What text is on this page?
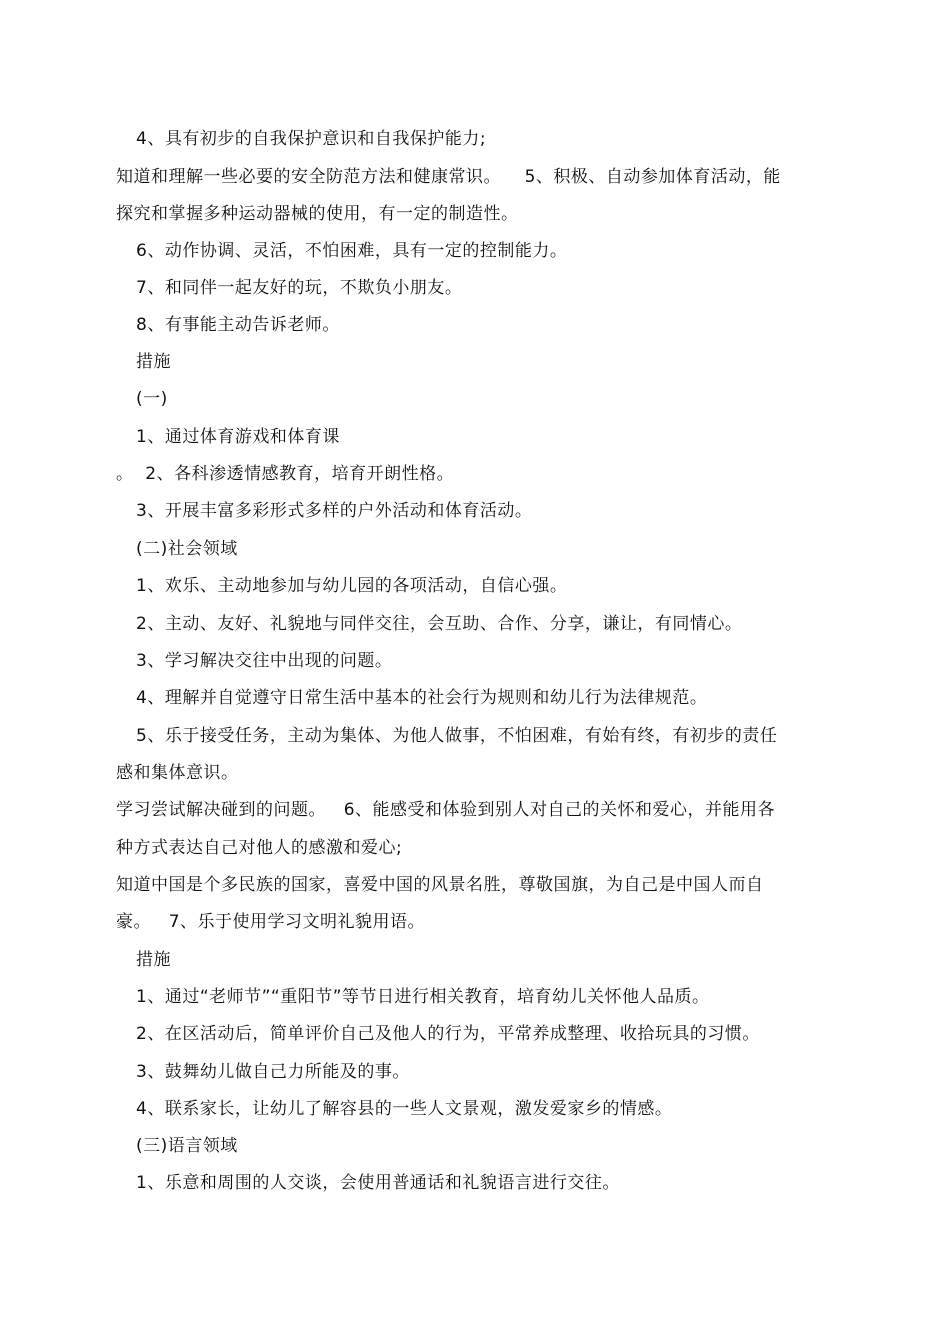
4、具有初步的自我保护意识和自我保护能力;
知道和理解一些必要的安全防范方法和健康常识。    5、积极、自动参加体育活动，能
探究和掌握多种运动器械的使用，有一定的制造性。
6、动作协调、灵活，不怕困难，具有一定的控制能力。
7、和同伴一起友好的玩，不欺负小朋友。
8、有事能主动告诉老师。
措施
(一)
1、通过体育游戏和体育课
。  2、各科渗透情感教育，培育开朗性格。
3、开展丰富多彩形式多样的户外活动和体育活动。
(二)社会领域
1、欢乐、主动地参加与幼儿园的各项活动，自信心强。
2、主动、友好、礼貌地与同伴交往，会互助、合作、分享，谦让，有同情心。
3、学习解决交往中出现的问题。
4、理解并自觉遵守日常生活中基本的社会行为规则和幼儿行为法律规范。
5、乐于接受任务，主动为集体、为他人做事，不怕困难，有始有终，有初步的责任
感和集体意识。
学习尝试解决碰到的问题。   6、能感受和体验到别人对自己的关怀和爱心，并能用各
种方式表达自己对他人的感激和爱心;
知道中国是个多民族的国家，喜爱中国的风景名胜，尊敬国旗，为自己是中国人而自
豪。   7、乐于使用学习文明礼貌用语。
措施
1、通过“老师节”“重阳节”等节日进行相关教育，培育幼儿关怀他人品质。
2、在区活动后，简单评价自己及他人的行为，平常养成整理、收拾玩具的习惯。
3、鼓舞幼儿做自己力所能及的事。
4、联系家长，让幼儿了解容县的一些人文景观，激发爱家乡的情感。
(三)语言领域
1、乐意和周围的人交谈，会使用普通话和礼貌语言进行交往。
